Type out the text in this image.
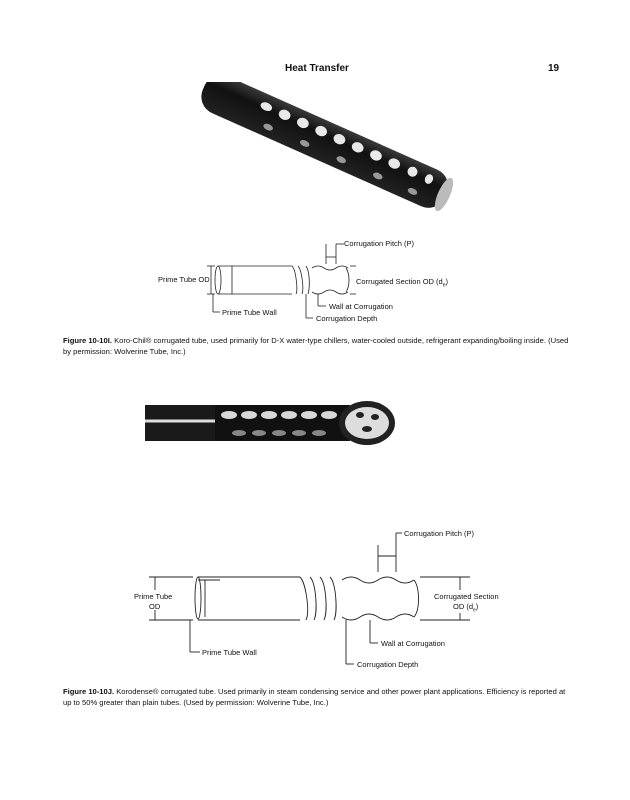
Heat Transfer	19
Corrugation Pitch (P)
Prime Tube OD	Corrugated Section OD $(d_e)$
Wall at Corrugation
Prime Tube Wall
Corrugation Depth
Figure 10-10I. Koro-Chil® corrugated tube, used primarily for D-X water-type chillers, water-cooled outside, refrigerant expanding/boiling inside. (Used by permission: Wolverine Tube, Inc.)
Corrugation Pitch (P)
Prime Tube
OD
Corrugated Section
OD $(d_e)$
Wall at Corrugation
Prime Tube Wall
Corrugation Depth
Figure 10-10J. Korodense® corrugated tube. Used primarily in steam condensing service and other power plant applications. Efficiency is reported at up to 50% greater than plain tubes. (Used by permission: Wolverine Tube, Inc.)
